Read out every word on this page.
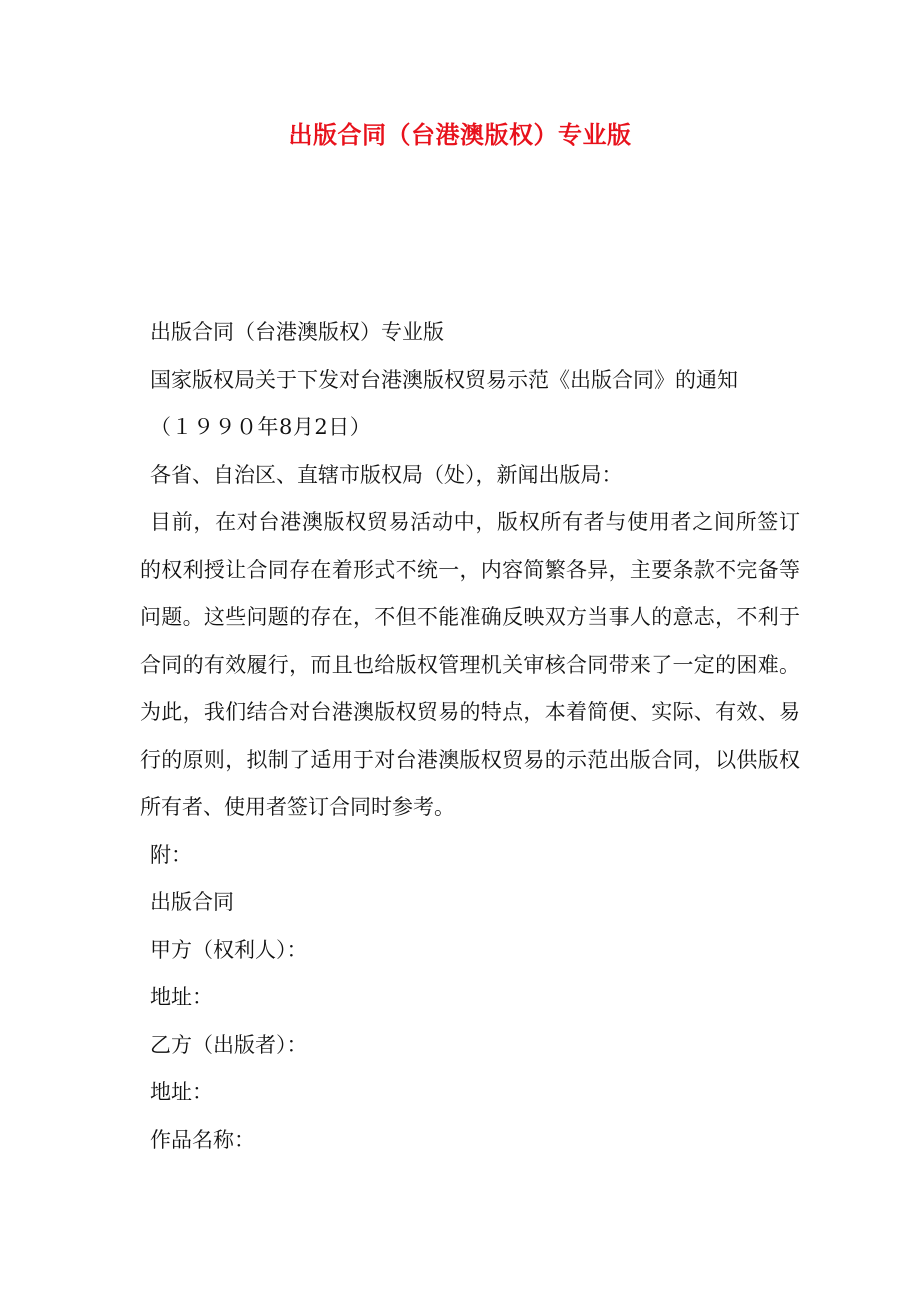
出版合同（台港澳版权）专业版
出版合同（台港澳版权）专业版
国家版权局关于下发对台港澳版权贸易示范《出版合同》的通知
（１９９０年8月2日）
各省、自治区、直辖市版权局（处），新闻出版局：
目前，在对台港澳版权贸易活动中，版权所有者与使用者之间所签订的权利授让合同存在着形式不统一，内容简繁各异，主要条款不完备等问题。这些问题的存在，不但不能准确反映双方当事人的意志，不利于合同的有效履行，而且也给版权管理机关审核合同带来了一定的困难。为此，我们结合对台港澳版权贸易的特点，本着简便、实际、有效、易行的原则，拟制了适用于对台港澳版权贸易的示范出版合同，以供版权所有者、使用者签订合同时参考。
附：
出版合同
甲方（权利人）：
地址：
乙方（出版者）：
地址：
作品名称：
